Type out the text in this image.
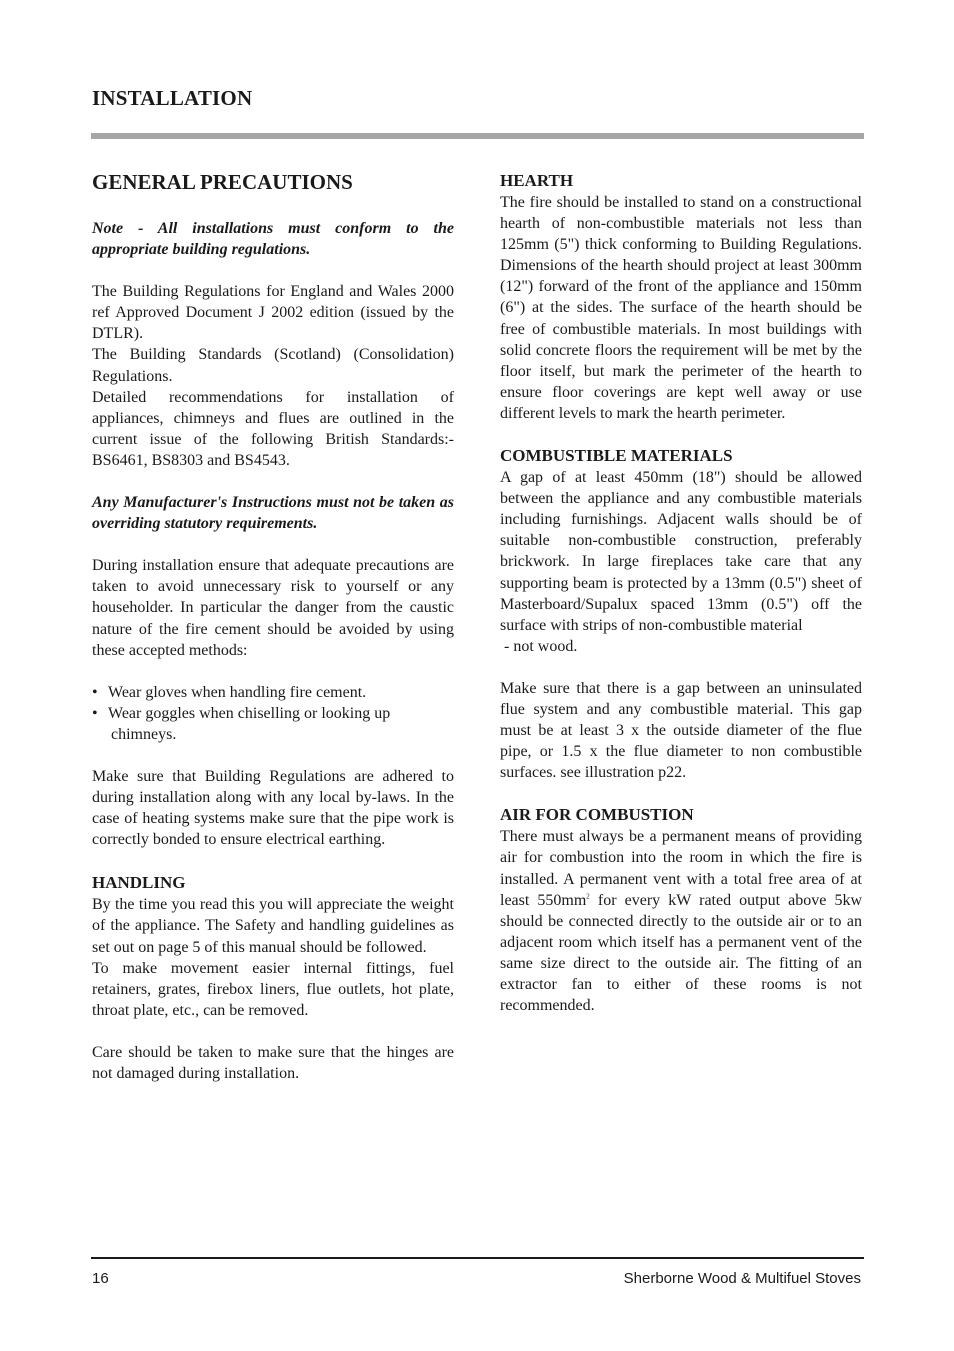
INSTALLATION
GENERAL PRECAUTIONS

Note - All installations must conform to the appropriate building regulations.

The Building Regulations for England and Wales 2000 ref Approved Document J 2002 edition (issued by the DTLR).

The Building Standards (Scotland) (Consolidation) Regulations.

Detailed recommendations for installation of appliances, chimneys and flues are outlined in the current issue of the following British Standards:- BS6461, BS8303 and BS4543.

Any Manufacturer's Instructions must not be taken as overriding statutory requirements.

During installation ensure that adequate precautions are taken to avoid unnecessary risk to yourself or any householder. In particular the danger from the caustic nature of the fire cement should be avoided by using these accepted methods:

• Wear gloves when handling fire cement.
• Wear goggles when chiselling or looking up
chimneys.

Make sure that Building Regulations are adhered to during installation along with any local by-laws. In the case of heating systems make sure that the pipe work is correctly bonded to ensure electrical earthing.

HANDLING

By the time you read this you will appreciate the weight of the appliance. The Safety and handling guidelines as set out on page 5 of this manual should be followed.

To make movement easier internal fittings, fuel retainers, grates, firebox liners, flue outlets, hot plate, throat plate, etc., can be removed.

Care should be taken to make sure that the hinges are not damaged during installation.

HEARTH

The fire should be installed to stand on a constructional hearth of non-combustible materials not less than 125mm (5") thick conforming to Building Regulations. Dimensions of the hearth should project at least 300mm (12") forward of the front of the appliance and 150mm (6") at the sides. The surface of the hearth should be free of combustible materials. In most buildings with solid concrete floors the requirement will be met by the floor itself, but mark the perimeter of the hearth to ensure floor coverings are kept well away or use different levels to mark the hearth perimeter.

COMBUSTIBLE MATERIALS

A gap of at least 450mm (18") should be allowed between the appliance and any combustible materials including furnishings. Adjacent walls should be of suitable non-combustible construction, preferably brickwork. In large fireplaces take care that any supporting beam is protected by a 13mm (0.5") sheet of Masterboard/Supalux spaced 13mm (0.5") off the surface with strips of non-combustible material

- not wood.

Make sure that there is a gap between an uninsulated flue system and any combustible material. This gap must be at least 3 x the outside diameter of the flue pipe, or 1.5 x the flue diameter to non combustible surfaces. see illustration p22.

AIR FOR COMBUSTION

There must always be a permanent means of providing air for combustion into the room in which the fire is installed. A permanent vent with a total free area of at least $550mm^2$ for every kW rated output above 5kw should be connected directly to the outside air or to an adjacent room which itself has a permanent vent of the same size direct to the outside air. The fitting of an extractor fan to either of these rooms is not recommended.

16	Sherborne Wood & Multifuel Stoves
